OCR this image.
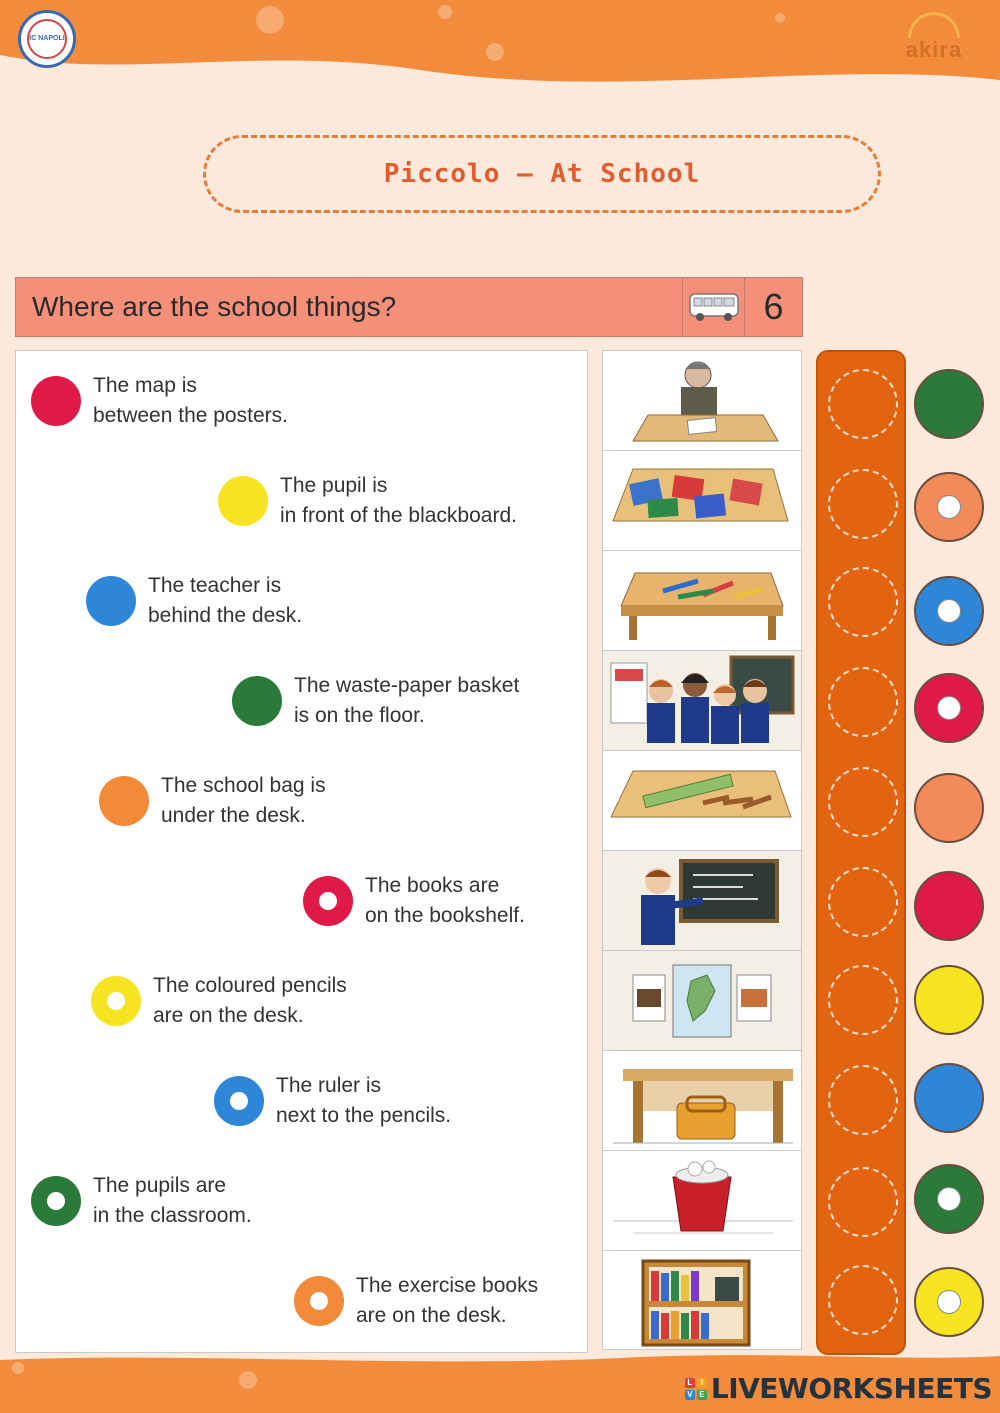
IC NAPOLI	akira
Piccolo – At School
Where are the school things?	6
The map is
between the posters.
The pupil is
in front of the blackboard.
The teacher is
behind the desk.
The waste-paper basket
is on the floor.
The school bag is
under the desk.
The books are
on the bookshelf.
The coloured pencils
are on the desk.
The ruler is
next to the pencils.
The pupils are
in the classroom.
The exercise books
are on the desk.
L	I
V E LIVEWORKSHEETS
